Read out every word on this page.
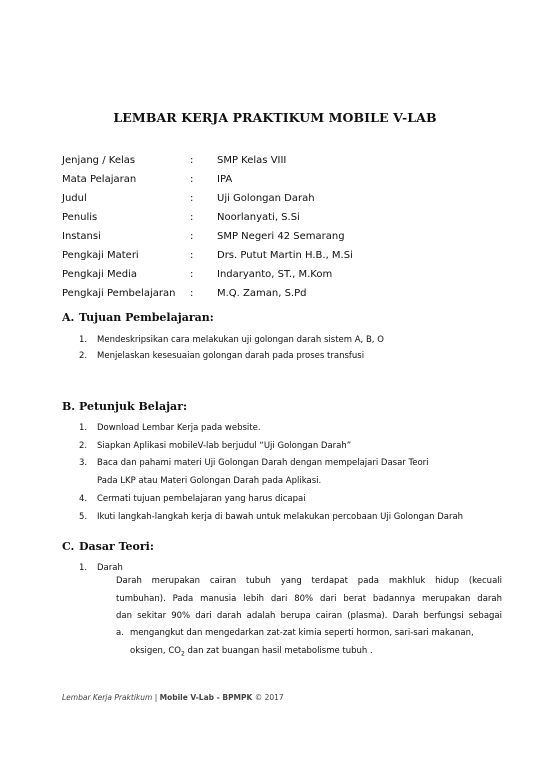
LEMBAR KERJA PRAKTIKUM MOBILE V-LAB
Jenjang / Kelas	: SMP Kelas VIII
Mata Pelajaran	: IPA
Judul	: Uji Golongan Darah
Penulis	: Noorlanyati, S.Si
Instansi	: SMP Negeri 42 Semarang
Pengkaji Materi	: Drs. Putut Martin H.B., M.Si
Pengkaji Media	: Indaryanto, ST., M.Kom
Pengkaji Pembelajaran : M.Q. Zaman, S.Pd
A. Tujuan Pembelajaran:
1. Mendeskripsikan cara melakukan uji golongan darah sistem A, B, O
2. Menjelaskan kesesuaian golongan darah pada proses transfusi
B. Petunjuk Belajar:
1. Download Lembar Kerja pada website.
2. Siapkan Aplikasi mobileV-lab berjudul “Uji Golongan Darah”
3. Baca dan pahami materi Uji Golongan Darah dengan mempelajari Dasar Teori
Pada LKP atau Materi Golongan Darah pada Aplikasi.
4. Cermati tujuan pembelajaran yang harus dicapai
5. Ikuti langkah-langkah kerja di bawah untuk melakukan percobaan Uji Golongan Darah
C. Dasar Teori:
1. Darah
Darah merupakan cairan tubuh yang terdapat pada makhluk hidup (kecuali
tumbuhan). Pada manusia lebih dari 80% dari berat badannya merupakan darah
dan sekitar 90% dari darah adalah berupa cairan (plasma). Darah berfungsi sebagai
a. mengangkut dan mengedarkan zat-zat kimia seperti hormon, sari-sari makanan,
oksigen, $CO_2$ dan zat buangan hasil metabolisme tubuh .
Lembar Kerja Praktikum | Mobile V-Lab - BPMPK © 2017
